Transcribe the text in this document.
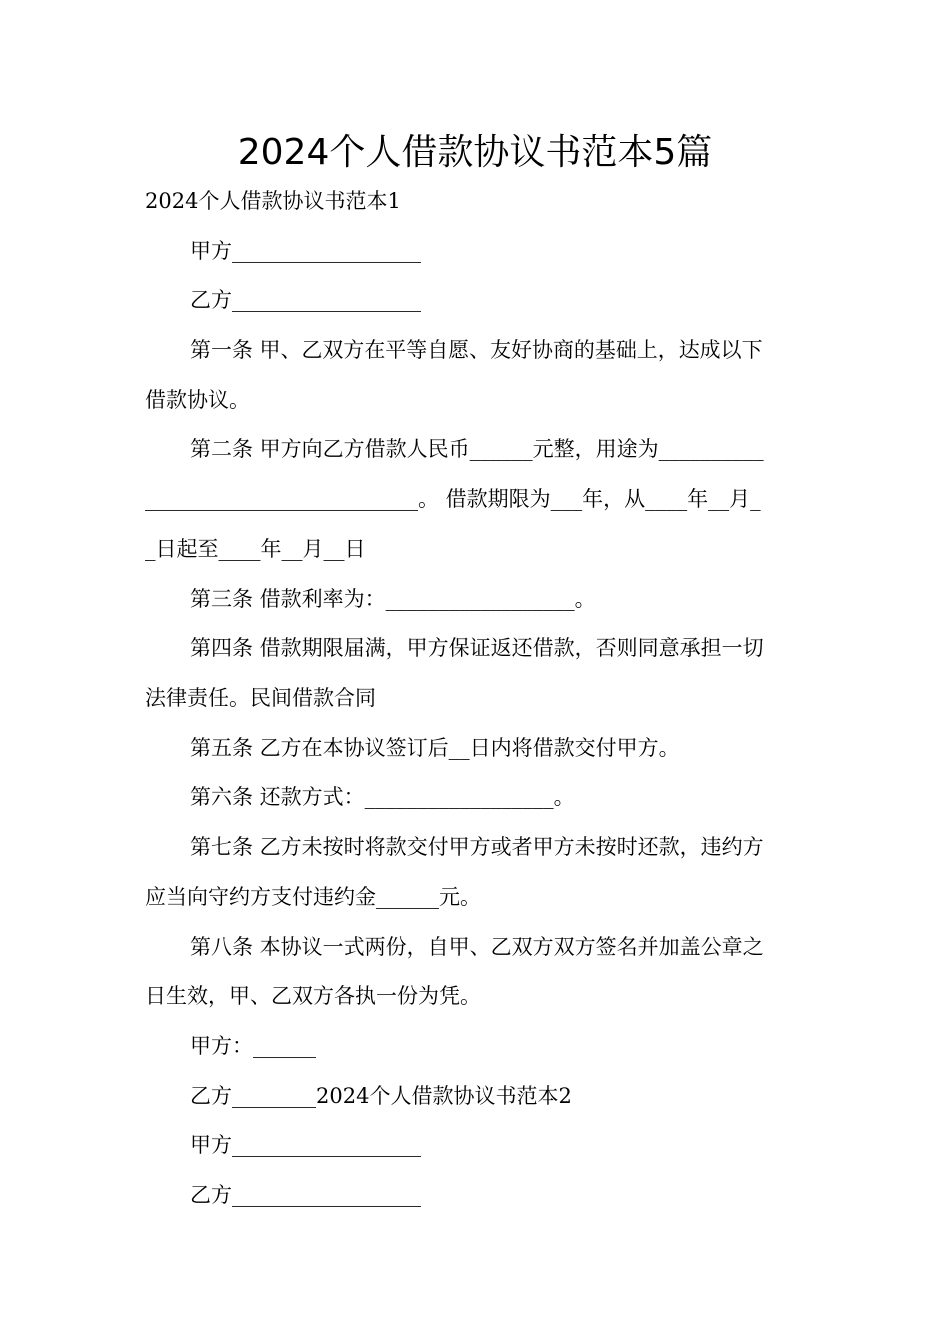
2024个人借款协议书范本5篇
2024个人借款协议书范本1
甲方__________________
乙方__________________
第一条 甲、乙双方在平等自愿、友好协商的基础上，达成以下
借款协议。
第二条 甲方向乙方借款人民币______元整，用途为__________
__________________________。 借款期限为___年，从____年__月_
_日起至____年__月__日
第三条 借款利率为：__________________。
第四条 借款期限届满，甲方保证返还借款，否则同意承担一切
法律责任。民间借款合同
第五条 乙方在本协议签订后__日内将借款交付甲方。
第六条 还款方式：__________________。
第七条 乙方未按时将款交付甲方或者甲方未按时还款，违约方
应当向守约方支付违约金______元。
第八条 本协议一式两份，自甲、乙双方双方签名并加盖公章之
日生效，甲、乙双方各执一份为凭。
甲方：______
乙方________2024个人借款协议书范本2
甲方__________________
乙方__________________
